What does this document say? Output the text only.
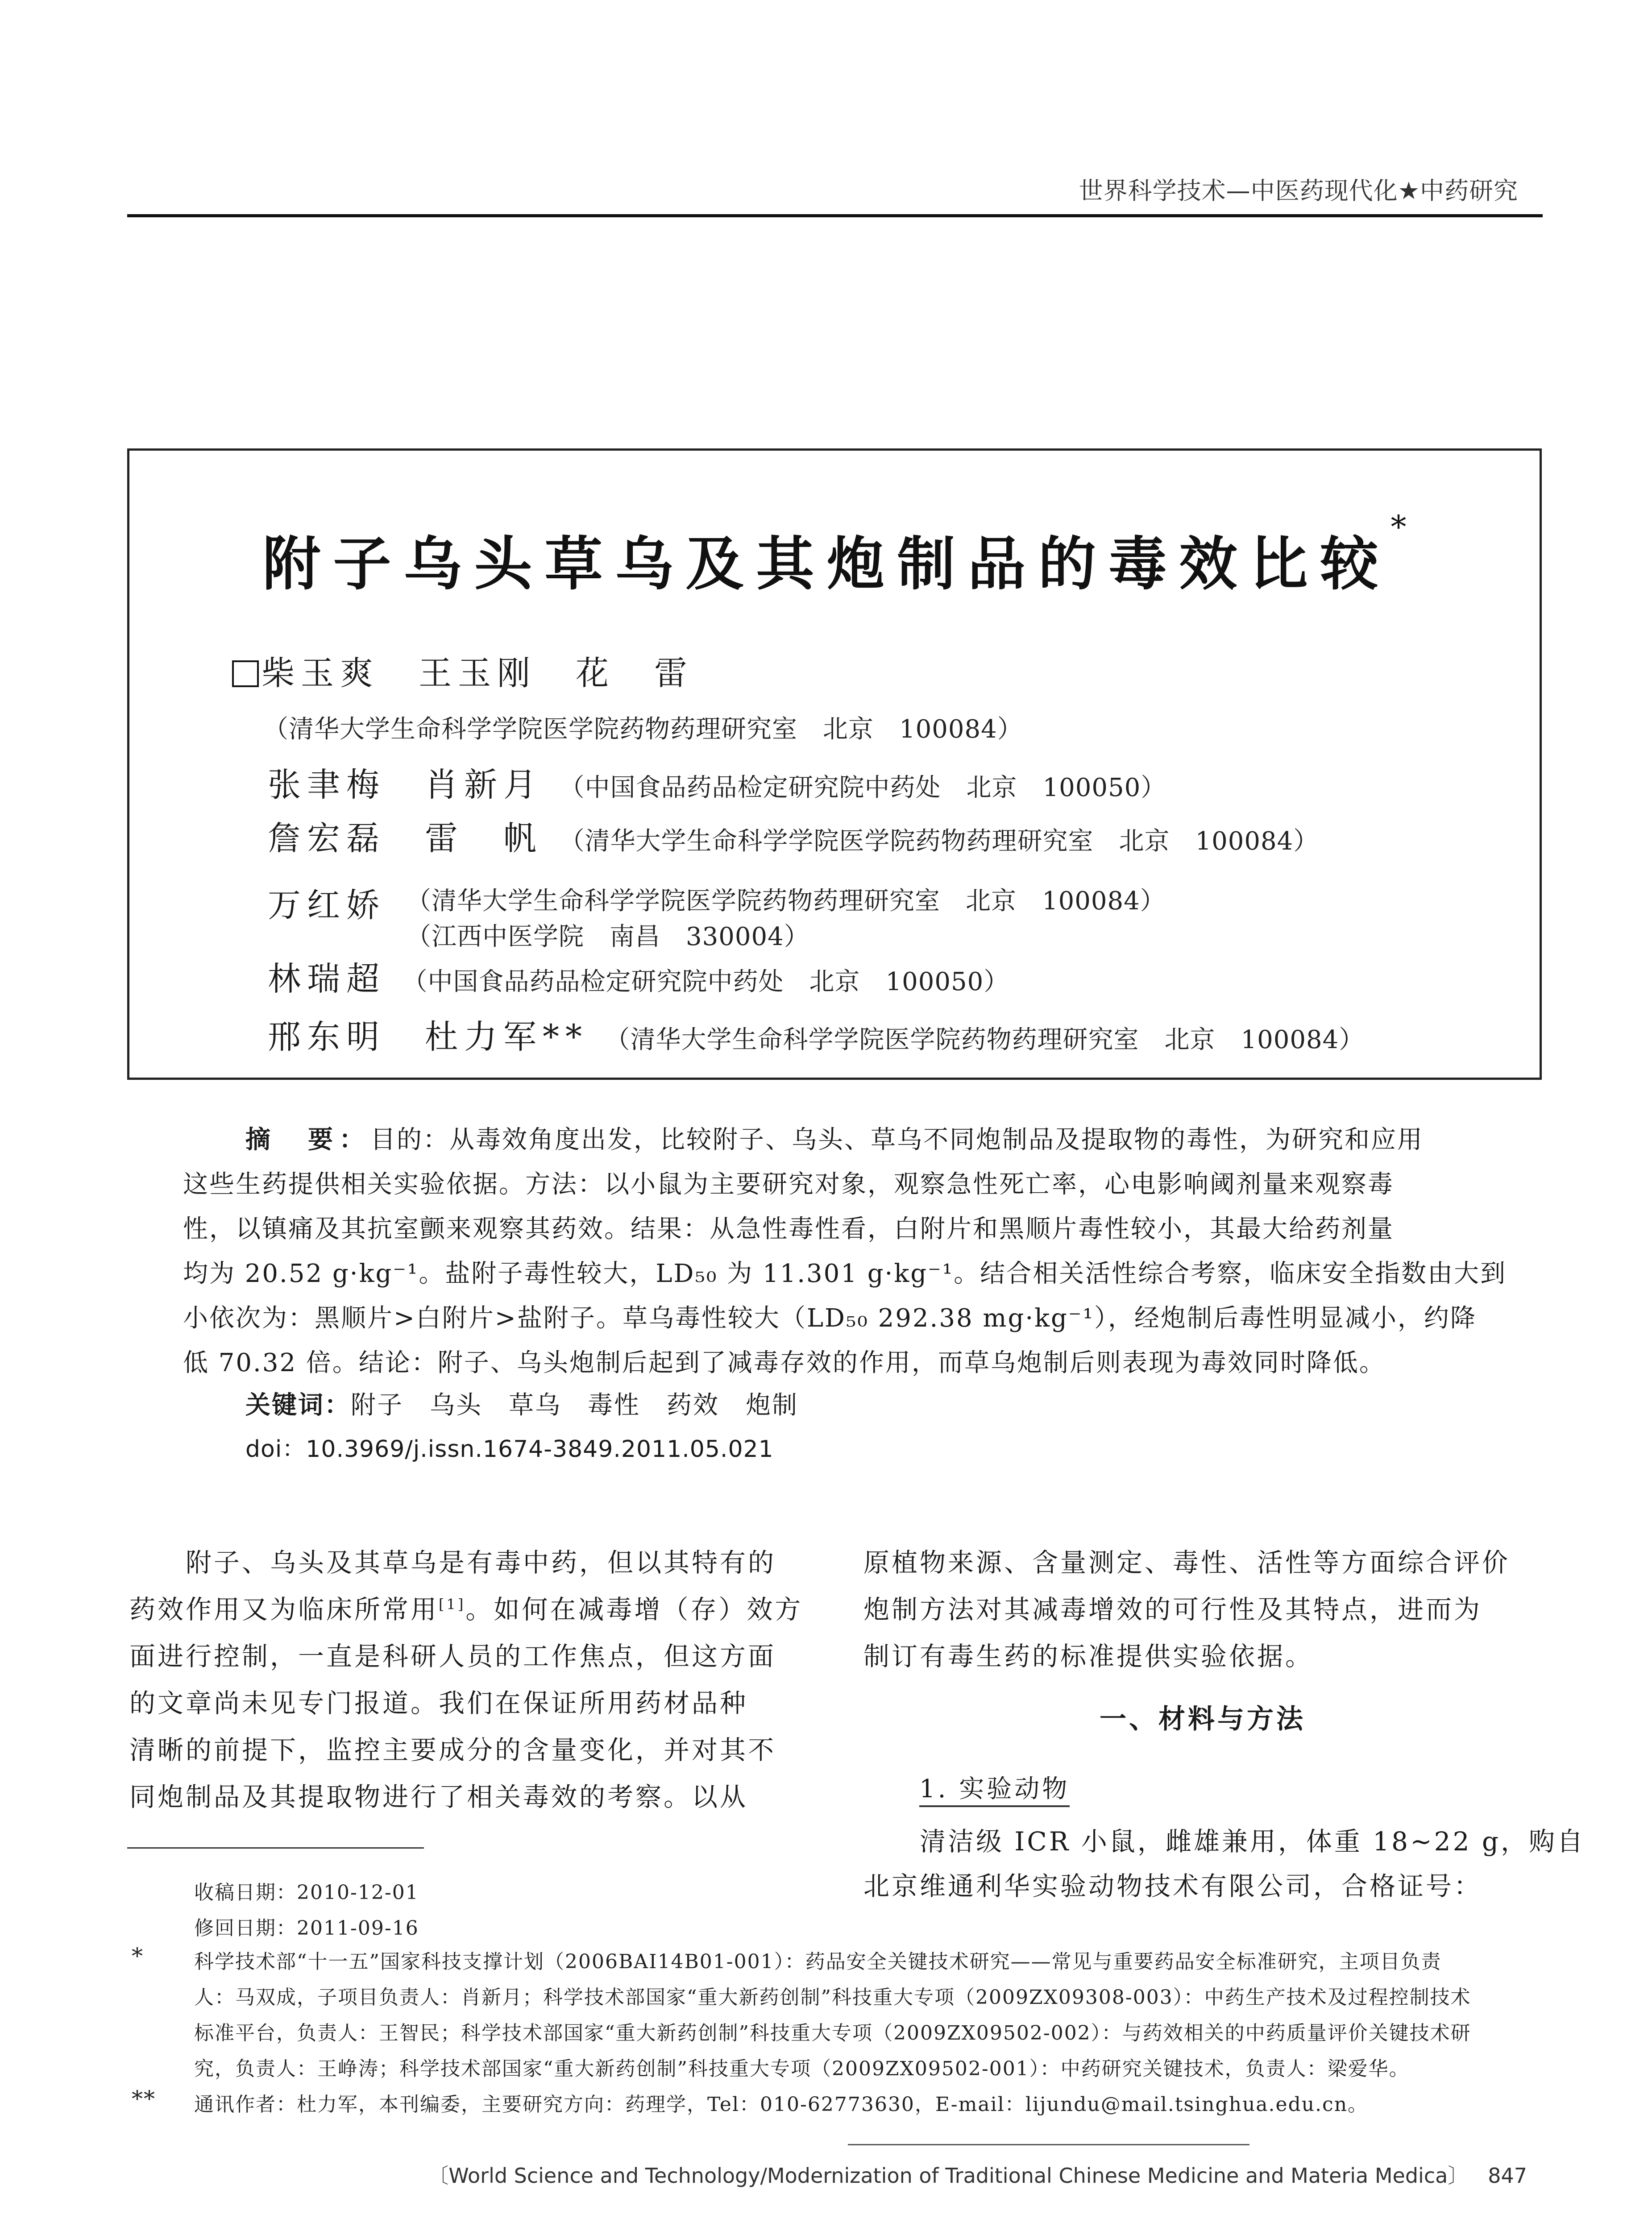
世界科学技术—中医药现代化★中药研究
附子乌头草乌及其炮制品的毒效比较*
柴玉爽　王玉刚　花　雷
（清华大学生命科学学院医学院药物药理研究室　北京　100084）
张聿梅　肖新月 （中国食品药品检定研究院中药处　北京　100050）
詹宏磊　雷　帆 （清华大学生命科学学院医学院药物药理研究室　北京　100084）
万红娇 （清华大学生命科学学院医学院药物药理研究室　北京　100084）
（江西中医学院　南昌　330004）
林瑞超 （中国食品药品检定研究院中药处　北京　100050）
邢东明　杜力军** （清华大学生命科学学院医学院药物药理研究室　北京　100084）
摘　要：目的：从毒效角度出发，比较附子、乌头、草乌不同炮制品及提取物的毒性，为研究和应用
这些生药提供相关实验依据。方法：以小鼠为主要研究对象，观察急性死亡率，心电影响阈剂量来观察毒
性，以镇痛及其抗室颤来观察其药效。结果：从急性毒性看，白附片和黑顺片毒性较小，其最大给药剂量
均为 20.52 g·kg⁻¹。盐附子毒性较大，LD₅₀ 为 11.301 g·kg⁻¹。结合相关活性综合考察，临床安全指数由大到
小依次为：黑顺片>白附片>盐附子。草乌毒性较大（LD₅₀ 292.38 mg·kg⁻¹），经炮制后毒性明显减小，约降
低 70.32 倍。结论：附子、乌头炮制后起到了减毒存效的作用，而草乌炮制后则表现为毒效同时降低。
关键词：附子　乌头　草乌　毒性　药效　炮制
doi：10.3969/j.issn.1674-3849.2011.05.021
　　附子、乌头及其草乌是有毒中药，但以其特有的
药效作用又为临床所常用[1]。如何在减毒增（存）效方
面进行控制，一直是科研人员的工作焦点，但这方面
的文章尚未见专门报道。我们在保证所用药材品种
清晰的前提下，监控主要成分的含量变化，并对其不
同炮制品及其提取物进行了相关毒效的考察。以从
原植物来源、含量测定、毒性、活性等方面综合评价
炮制方法对其减毒增效的可行性及其特点，进而为
制订有毒生药的标准提供实验依据。
一、材料与方法
1. 实验动物
　　清洁级 ICR 小鼠，雌雄兼用，体重 18~22 g，购自
北京维通利华实验动物技术有限公司，合格证号：
收稿日期：2010-12-01
修回日期：2011-09-16
*	科学技术部“十一五”国家科技支撑计划（2006BAI14B01-001）：药品安全关键技术研究——常见与重要药品安全标准研究，主项目负责
人：马双成，子项目负责人：肖新月；科学技术部国家“重大新药创制”科技重大专项（2009ZX09308-003）：中药生产技术及过程控制技术
标准平台，负责人：王智民；科学技术部国家“重大新药创制”科技重大专项（2009ZX09502-002）：与药效相关的中药质量评价关键技术研
究，负责人：王峥涛；科学技术部国家“重大新药创制”科技重大专项（2009ZX09502-001）：中药研究关键技术，负责人：梁爱华。
** 通讯作者：杜力军，本刊编委，主要研究方向：药理学，Tel：010-62773630，E-mail：lijundu@mail.tsinghua.edu.cn。
〔World Science and Technology/Modernization of Traditional Chinese Medicine and Materia Medica〕 847
